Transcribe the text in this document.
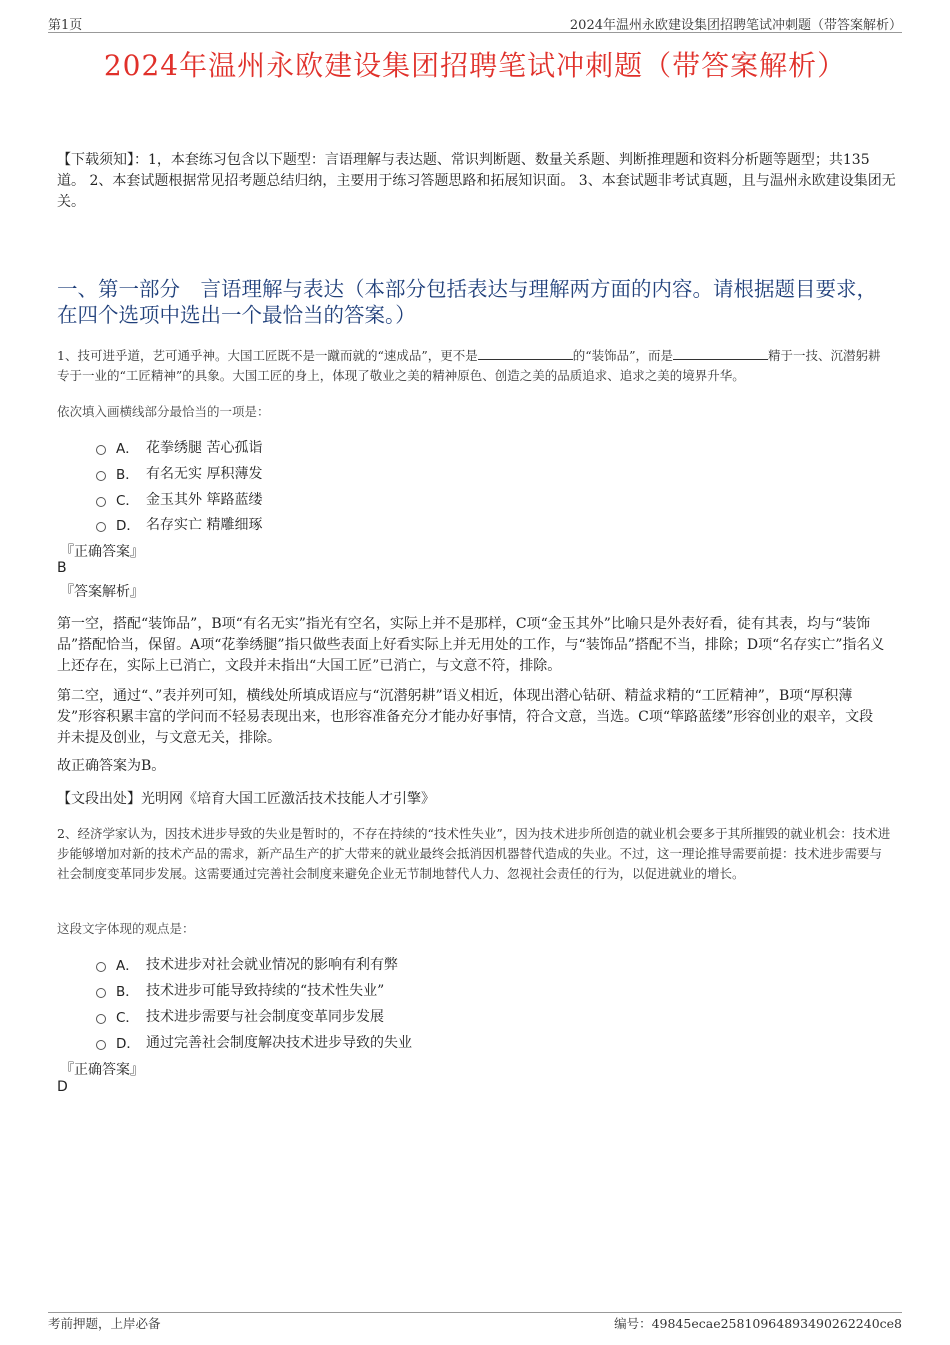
第1页	2024年温州永欧建设集团招聘笔试冲刺题（带答案解析）
2024年温州永欧建设集团招聘笔试冲刺题（带答案解析）
【下载须知】：1，本套练习包含以下题型：言语理解与表达题、常识判断题、数量关系题、判断推理题和资料分析题等题型；共135道。 2、本套试题根据常见招考题总结归纳，主要用于练习答题思路和拓展知识面。 3、本套试题非考试真题，且与温州永欧建设集团无关。
一、第一部分　言语理解与表达（本部分包括表达与理解两方面的内容。请根据题目要求，在四个选项中选出一个最恰当的答案。）
1、技可进乎道，艺可通乎神。大国工匠既不是一蹴而就的“速成品”，更不是	的“装饰品”，而是	精于一技、沉潜躬耕专于一业的“工匠精神”的具象。大国工匠的身上，体现了敬业之美的精神原色、创造之美的品质追求、追求之美的境界升华。
依次填入画横线部分最恰当的一项是：
A． 花拳绣腿 苦心孤诣
B． 有名无实 厚积薄发
C． 金玉其外 筚路蓝缕
D． 名存实亡 精雕细琢
『正确答案』
B
『答案解析』
第一空，搭配“装饰品”，B项“有名无实”指光有空名，实际上并不是那样，C项“金玉其外”比喻只是外表好看，徒有其表，均与“装饰品”搭配恰当，保留。A项“花拳绣腿”指只做些表面上好看实际上并无用处的工作，与“装饰品”搭配不当，排除；D项“名存实亡”指名义上还存在，实际上已消亡，文段并未指出“大国工匠”已消亡，与文意不符，排除。
第二空，通过“、”表并列可知，横线处所填成语应与“沉潜躬耕”语义相近，体现出潜心钻研、精益求精的“工匠精神”，B项“厚积薄发”形容积累丰富的学问而不轻易表现出来，也形容准备充分才能办好事情，符合文意，当选。C项“筚路蓝缕”形容创业的艰辛，文段并未提及创业，与文意无关，排除。
故正确答案为B。
【文段出处】光明网《培育大国工匠激活技术技能人才引擎》
2、经济学家认为，因技术进步导致的失业是暂时的，不存在持续的“技术性失业”，因为技术进步所创造的就业机会要多于其所摧毁的就业机会：技术进步能够增加对新的技术产品的需求，新产品生产的扩大带来的就业最终会抵消因机器替代造成的失业。不过，这一理论推导需要前提：技术进步需要与社会制度变革同步发展。这需要通过完善社会制度来避免企业无节制地替代人力、忽视社会责任的行为，以促进就业的增长。
这段文字体现的观点是：
A． 技术进步对社会就业情况的影响有利有弊
B． 技术进步可能导致持续的“技术性失业”
C． 技术进步需要与社会制度变革同步发展
D． 通过完善社会制度解决技术进步导致的失业
『正确答案』
D
考前押题，上岸必备	编号：49845ecae25810964893490262240ce8
